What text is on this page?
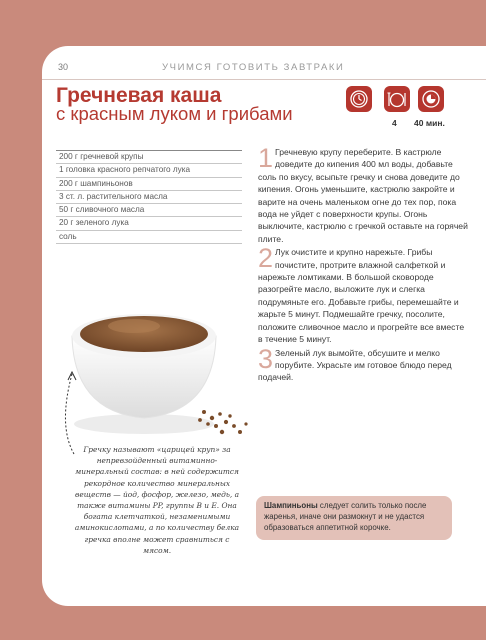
30	УЧИМСЯ ГОТОВИТЬ ЗАВТРАКИ
Гречневая каша
с красным луком и грибами	4 40 мин.
200 г гречневой крупы
1 головка красного репчатого лука
200 г шампиньонов
3 ст. л. растительного масла
50 г сливочного масла
20 г зеленого лука
соль
Гречку называют «царицей круп» за непревзойденный витаминно-минеральный состав: в ней содержится рекордное количество минеральных веществ — йод, фосфор, железо, медь, а также витамины PP, группы В и Е. Она богата клетчаткой, незаменимыми аминокислотами, а по количеству белка гречка вполне может сравниться с мясом.
1 Гречневую крупу переберите. В кастрюле доведите до кипения 400 мл воды, добавьте соль по вкусу, всыпьте гречку и снова доведите до кипения. Огонь уменьшите, кастрюлю закройте и варите на очень маленьком огне до тех пор, пока вода не уйдет с поверхности крупы. Огонь выключите, кастрюлю с гречкой оставьте на горячей плите.
2 Лук очистите и крупно нарежьте. Грибы почистите, протрите влажной салфеткой и нарежьте ломтиками. В большой сковороде разогрейте масло, выложите лук и слегка подрумяньте его. Добавьте грибы, перемешайте и жарьте 5 минут. Подмешайте гречку, посолите, положите сливочное масло и прогрейте все вместе в течение 5 минут.
3 Зеленый лук вымойте, обсушите и мелко порубите. Украсьте им готовое блюдо перед подачей.
Шампиньоны следует солить только после жаренья, иначе они размокнут и не удастся образоваться аппетитной корочке.
